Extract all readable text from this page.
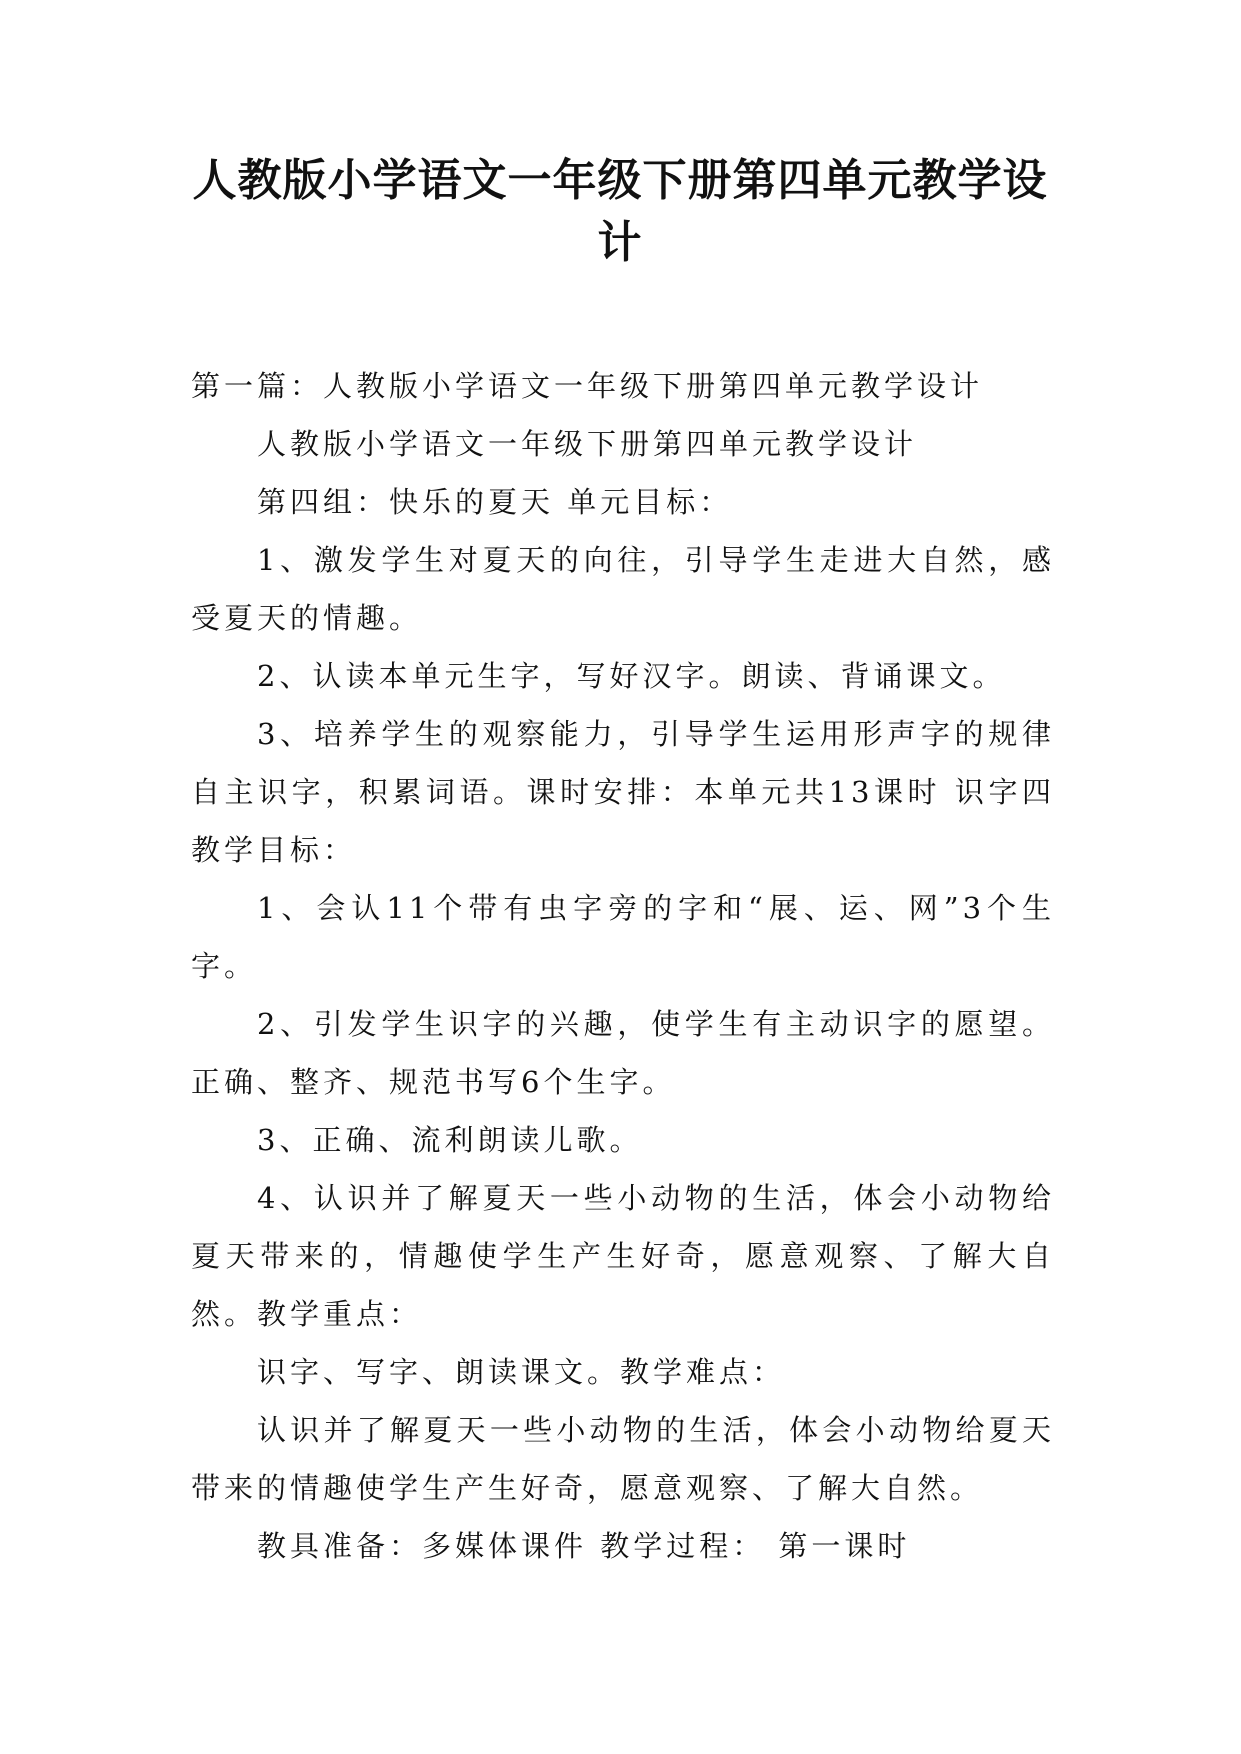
人教版小学语文一年级下册第四单元教学设计

第一篇：人教版小学语文一年级下册第四单元教学设计

人教版小学语文一年级下册第四单元教学设计

第四组：快乐的夏天 单元目标：

1、激发学生对夏天的向往，引导学生走进大自然，感受夏天的情趣。

2、认读本单元生字，写好汉字。朗读、背诵课文。

3、培养学生的观察能力，引导学生运用形声字的规律自主识字，积累词语。课时安排：本单元共13课时 识字四 教学目标：

1、会认11个带有虫字旁的字和“展、运、网”3个生字。

2、引发学生识字的兴趣，使学生有主动识字的愿望。正确、整齐、规范书写6个生字。

3、正确、流利朗读儿歌。

4、认识并了解夏天一些小动物的生活，体会小动物给夏天带来的，情趣使学生产生好奇，愿意观察、了解大自然。教学重点：

识字、写字、朗读课文。教学难点：

认识并了解夏天一些小动物的生活，体会小动物给夏天带来的情趣使学生产生好奇，愿意观察、了解大自然。

教具准备：多媒体课件 教学过程： 第一课时
